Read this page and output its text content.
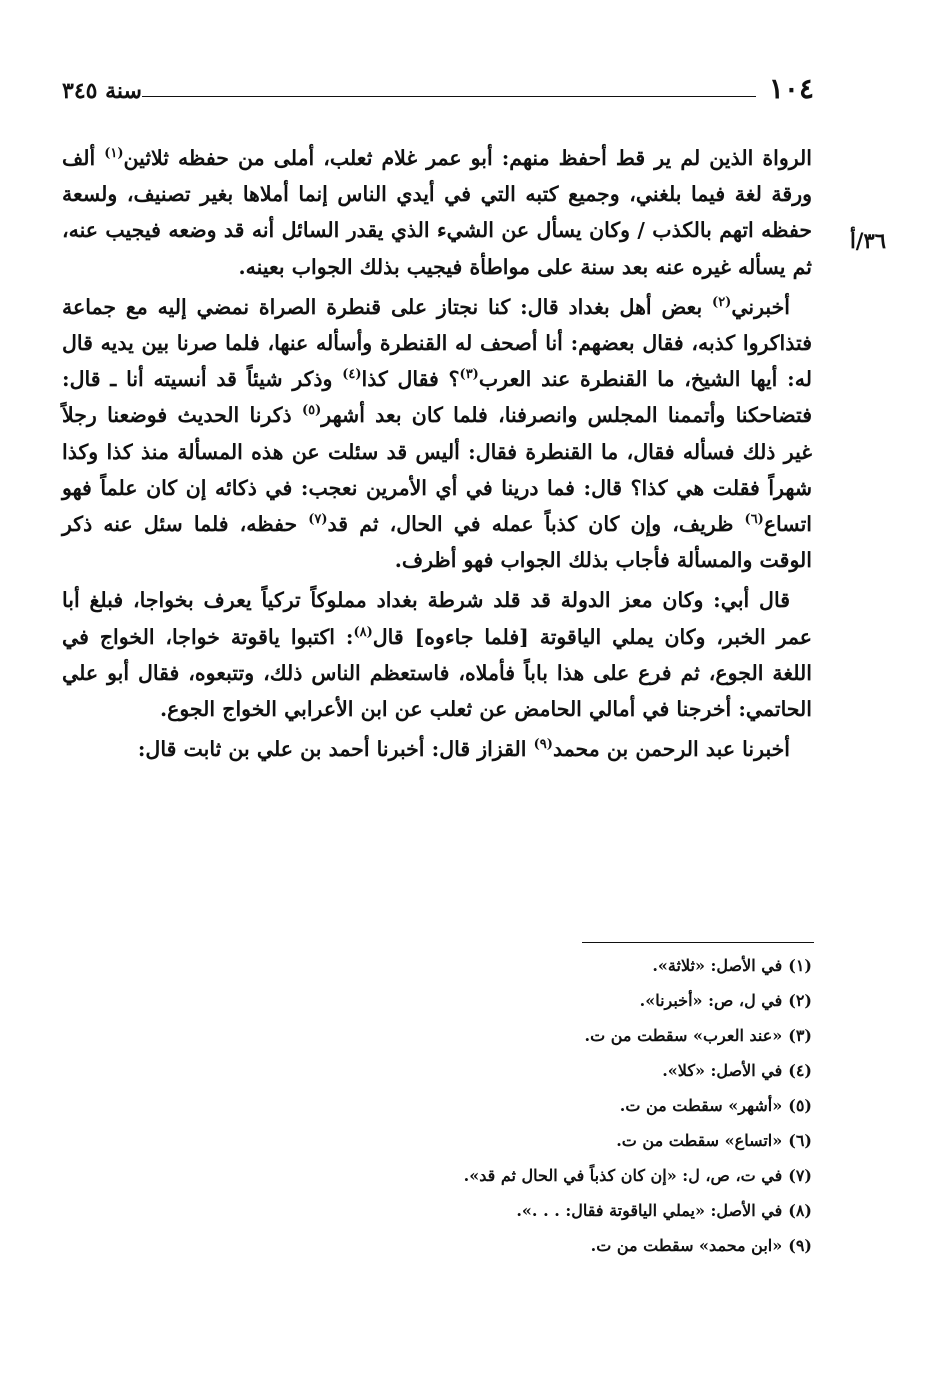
١٠٤
سنة ٣٤٥
٣٦/أ

الرواة الذين لم ير قط أحفظ منهم: أبو عمر غلام ثعلب، أملى من حفظه ثلاثين$^{(١)}$ ألف ورقة لغة فيما بلغني، وجميع كتبه التي في أيدي الناس إنما أملاها بغير تصنيف، ولسعة حفظه اتهم بالكذب / وكان يسأل عن الشيء الذي يقدر السائل أنه قد وضعه فيجيب عنه، ثم يسأله غيره عنه بعد سنة على مواطأة فيجيب بذلك الجواب بعينه.

أخبرني$^{(٢)}$ بعض أهل بغداد قال: كنا نجتاز على قنطرة الصراة نمضي إليه مع جماعة فتذاكروا كذبه، فقال بعضهم: أنا أصحف له القنطرة وأسأله عنها، فلما صرنا بين يديه قال له: أيها الشيخ، ما القنطرة عند العرب$^{(٣)}$؟ فقال كذا$^{(٤)}$ وذكر شيئاً قد أنسيته أنا ـ قال: فتضاحكنا وأتممنا المجلس وانصرفنا، فلما كان بعد أشهر$^{(٥)}$ ذكرنا الحديث فوضعنا رجلاً غير ذلك فسأله فقال، ما القنطرة فقال: أليس قد سئلت عن هذه المسألة منذ كذا وكذا شهراً فقلت هي كذا؟ قال: فما درينا في أي الأمرين نعجب: في ذكائه إن كان علماً فهو اتساع$^{(٦)}$ ظريف، وإن كان كذباً عمله في الحال، ثم قد$^{(٧)}$ حفظه، فلما سئل عنه ذكر الوقت والمسألة فأجاب بذلك الجواب فهو أظرف.

قال أبي: وكان معز الدولة قد قلد شرطة بغداد مملوكاً تركياً يعرف بخواجا، فبلغ أبا عمر الخبر، وكان يملي الياقوتة [فلما جاءوه] قال$^{(٨)}$: اكتبوا ياقوتة خواجا، الخواج في اللغة الجوع، ثم فرع على هذا باباً فأملاه، فاستعظم الناس ذلك، وتتبعوه، فقال أبو علي الحاتمي: أخرجنا في أمالي الحامض عن ثعلب عن ابن الأعرابي الخواج الجوع.

أخبرنا عبد الرحمن بن محمد$^{(٩)}$ القزاز قال: أخبرنا أحمد بن علي بن ثابت قال:

(١)في الأصل: «ثلاثة».
(٢)في ل، ص: «أخبرنا».
(٣)«عند العرب» سقطت من ت.
(٤)في الأصل: «كلا».
(٥)«أشهر» سقطت من ت.
(٦)«اتساع» سقطت من ت.
(٧)في ت، ص، ل: «إن كان كذباً في الحال ثم قد».
(٨)في الأصل: «يملي الياقوتة فقال: . . .».
(٩)«ابن محمد» سقطت من ت.
